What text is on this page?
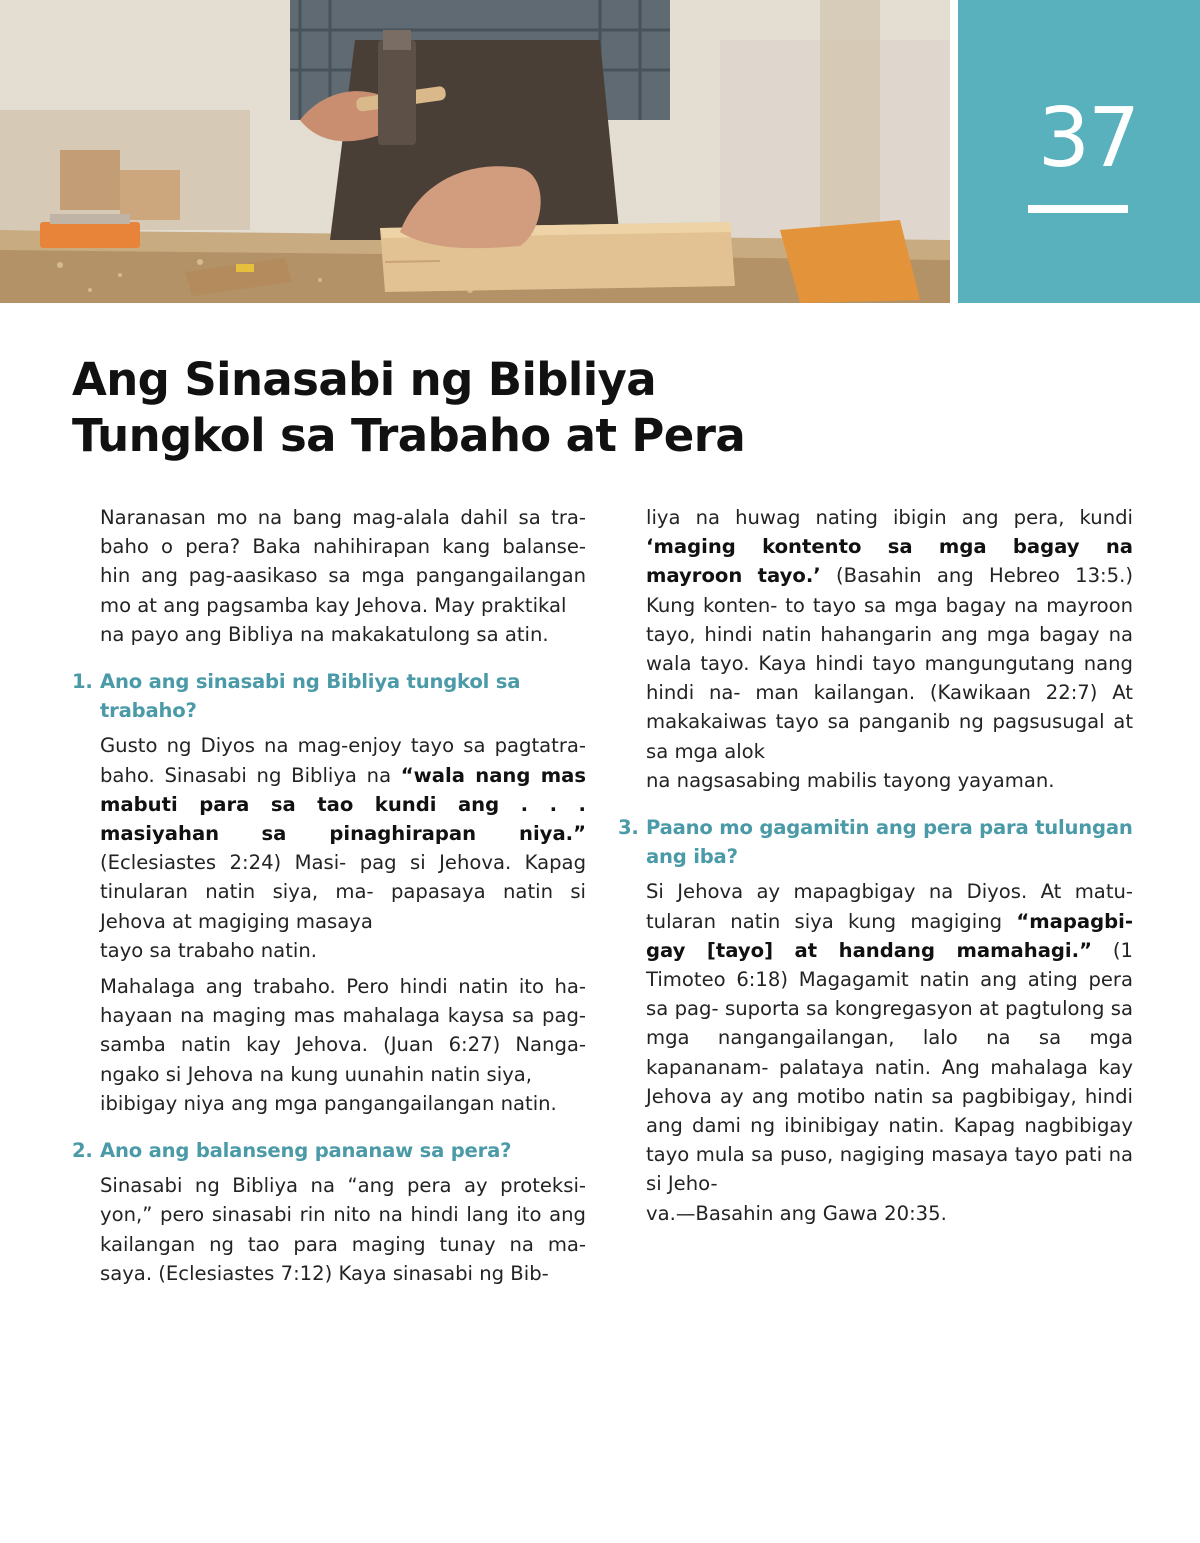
37
Ang Sinasabi ng Bibliya
Tungkol sa Trabaho at Pera

Naranasan mo na bang mag-alala dahil sa tra- baho o pera? Baka nahihirapan kang balanse- hin ang pag-aasikaso sa mga pangangailangan mo at ang pagsamba kay Jehova. May praktikal

na payo ang Bibliya na makakatulong sa atin.

1. Ano ang sinasabi ng Bibliya tungkol sa
trabaho?

Gusto ng Diyos na mag-enjoy tayo sa pagtatra- baho. Sinasabi ng Bibliya na “wala nang mas mabuti para sa tao kundi ang . . . masiyahan sa pinaghirapan niya.” (Eclesiastes 2:24) Masi- pag si Jehova. Kapag tinularan natin siya, ma- papasaya natin si Jehova at magiging masaya

tayo sa trabaho natin.

Mahalaga ang trabaho. Pero hindi natin ito ha- hayaan na maging mas mahalaga kaysa sa pag- samba natin kay Jehova. (Juan 6:27) Nanga- ngako si Jehova na kung uunahin natin siya,

ibibigay niya ang mga pangangailangan natin.

2. Ano ang balanseng pananaw sa pera?

Sinasabi ng Bibliya na “ang pera ay proteksi- yon,” pero sinasabi rin nito na hindi lang ito ang kailangan ng tao para maging tunay na ma- saya. (Eclesiastes 7:12) Kaya sinasabi ng Bib-

liya na huwag nating ibigin ang pera, kundi ‘maging kontento sa mga bagay na mayroon tayo.’ (Basahin ang Hebreo 13:5.) Kung konten- to tayo sa mga bagay na mayroon tayo, hindi natin hahangarin ang mga bagay na wala tayo. Kaya hindi tayo mangungutang nang hindi na- man kailangan. (Kawikaan 22:7) At makakaiwas tayo sa panganib ng pagsusugal at sa mga alok

na nagsasabing mabilis tayong yayaman.

3. Paano mo gagamitin ang pera para tulungan
ang iba?

Si Jehova ay mapagbigay na Diyos. At matu- tularan natin siya kung magiging “mapagbi- gay [tayo] at handang mamahagi.” (1 Timoteo 6:18) Magagamit natin ang ating pera sa pag- suporta sa kongregasyon at pagtulong sa mga nangangailangan, lalo na sa mga kapananam- palataya natin. Ang mahalaga kay Jehova ay ang motibo natin sa pagbibigay, hindi ang dami ng ibinibigay natin. Kapag nagbibigay tayo mula sa puso, nagiging masaya tayo pati na si Jeho-

va.—Basahin ang Gawa 20:35.
